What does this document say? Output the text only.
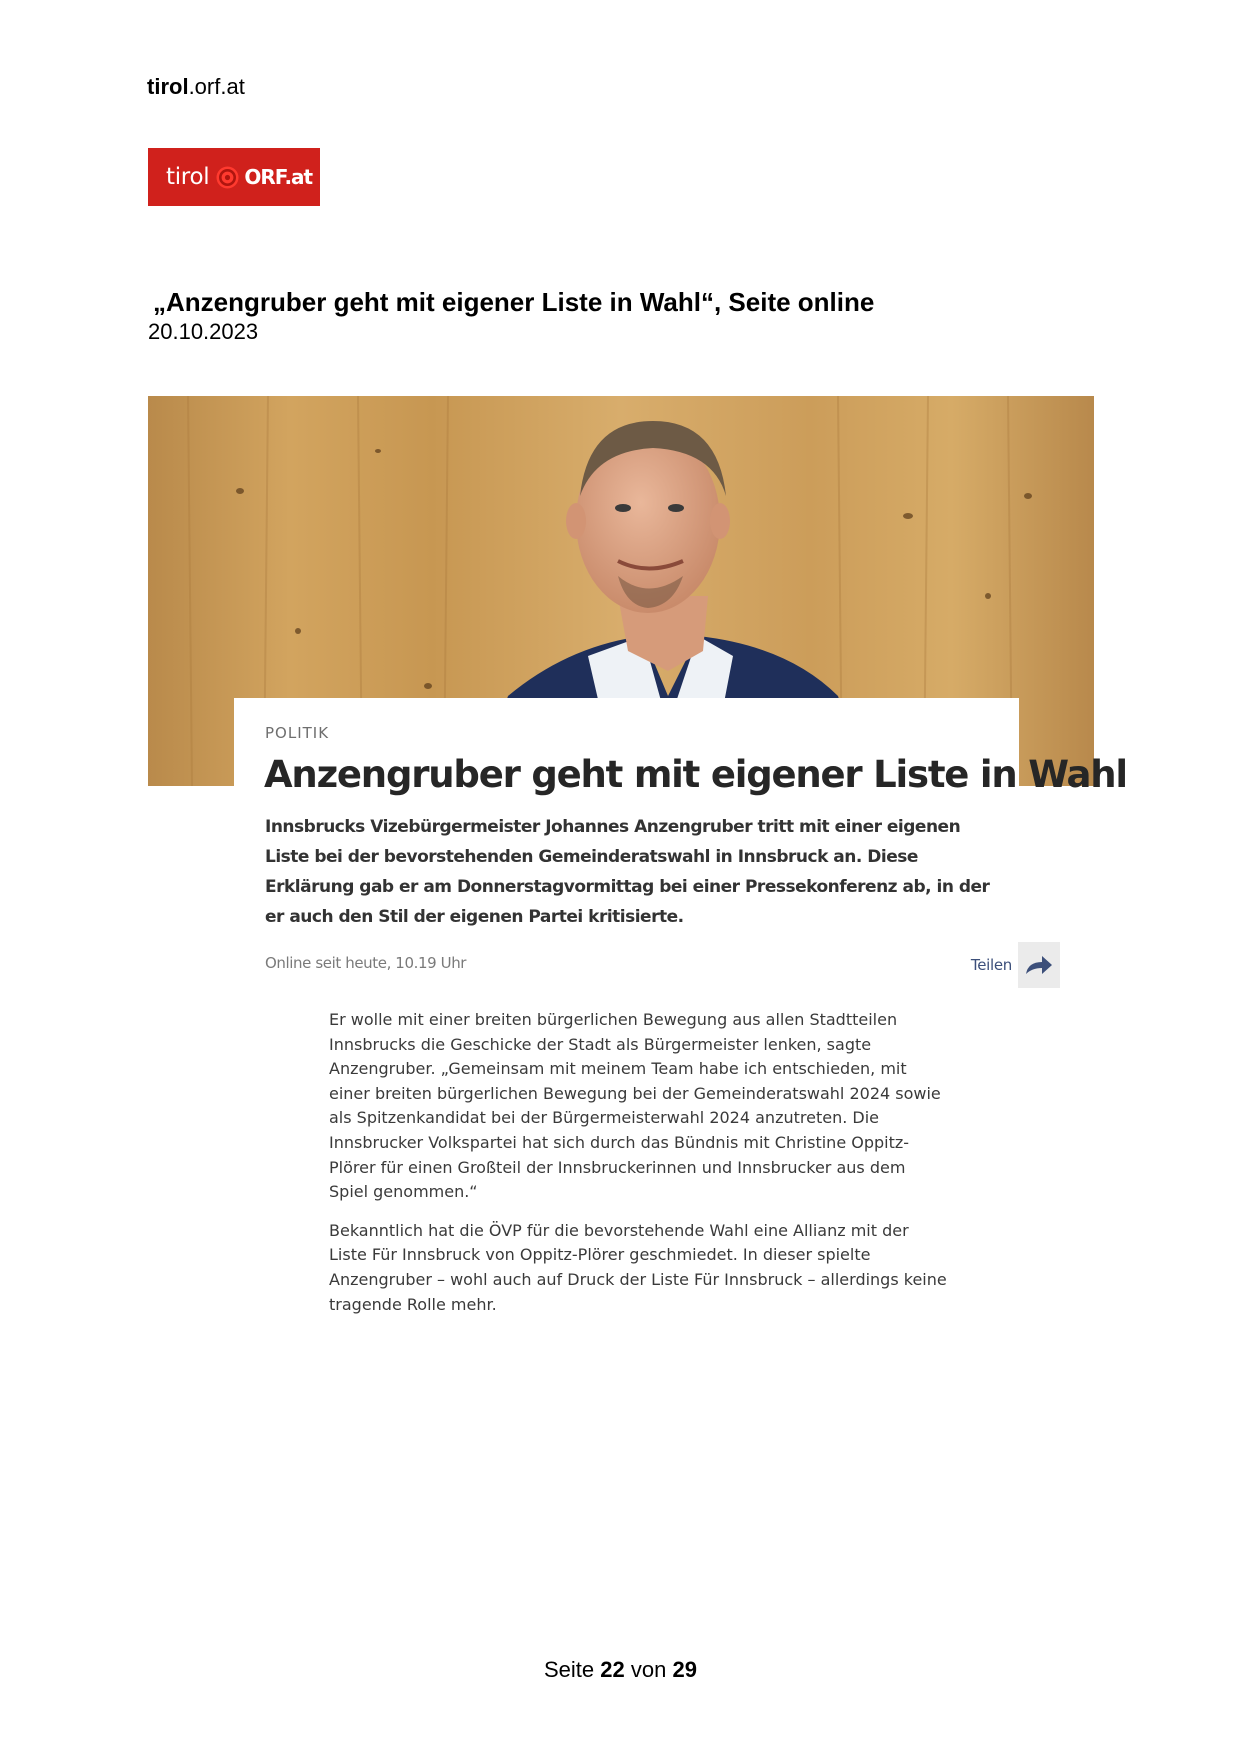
tirol.orf.at
tirol ORF.at
„Anzengruber geht mit eigener Liste in Wahl“, Seite online
20.10.2023
POLITIK
Anzengruber geht mit eigener Liste in Wahl
Innsbrucks Vizebürgermeister Johannes Anzengruber tritt mit einer eigenen Liste bei der bevorstehenden Gemeinderatswahl in Innsbruck an. Diese Erklärung gab er am Donnerstagvormittag bei einer Pressekonferenz ab, in der er auch den Stil der eigenen Partei kritisierte.
Online seit heute, 10.19 Uhr	Teilen

Er wolle mit einer breiten bürgerlichen Bewegung aus allen Stadtteilen Innsbrucks die Geschicke der Stadt als Bürgermeister lenken, sagte Anzengruber. „Gemeinsam mit meinem Team habe ich entschieden, mit einer breiten bürgerlichen Bewegung bei der Gemeinderatswahl 2024 sowie als Spitzenkandidat bei der Bürgermeisterwahl 2024 anzutreten. Die Innsbrucker Volkspartei hat sich durch das Bündnis mit Christine Oppitz-Plörer für einen Großteil der Innsbruckerinnen und Innsbrucker aus dem Spiel genommen.“

Bekanntlich hat die ÖVP für die bevorstehende Wahl eine Allianz mit der Liste Für Innsbruck von Oppitz-Plörer geschmiedet. In dieser spielte Anzengruber – wohl auch auf Druck der Liste Für Innsbruck – allerdings keine tragende Rolle mehr.

Seite 22 von 29
